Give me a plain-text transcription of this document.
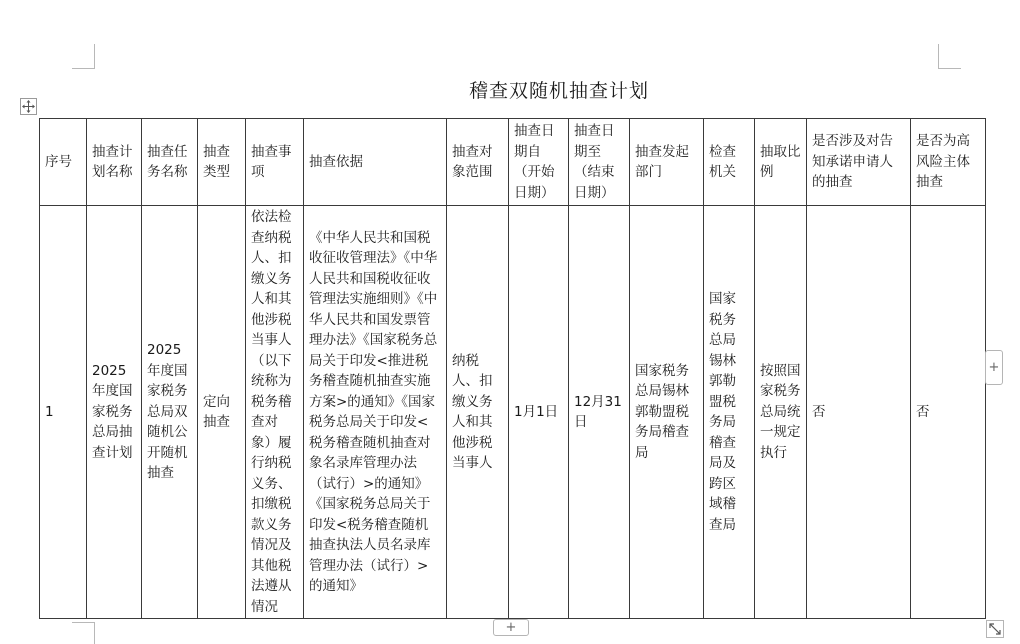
稽查双随机抽查计划
序号	抽查计划名称	抽查任务名称	抽查类型	抽查事项	抽查依据	抽查对象范围	抽查日期自（开始日期）	抽查日期至（结束日期）	抽查发起部门	检查机关	抽取比例	是否涉及对告知承诺申请人的抽查	是否为高风险主体抽查
1	2025年度国家税务总局抽查计划	2025年度国家税务总局双随机公开随机抽查	定向抽查	依法检查纳税人、扣缴义务人和其他涉税当事人（以下统称为税务稽查对象）履行纳税义务、扣缴税款义务情况及其他税法遵从情况	《中华人民共和国税收征收管理法》《中华人民共和国税收征收管理法实施细则》《中华人民共和国发票管理办法》《国家税务总局关于印发<推进税务稽查随机抽查实施方案>的通知》《国家税务总局关于印发<税务稽查随机抽查对象名录库管理办法（试行）>的通知》《国家税务总局关于印发<税务稽查随机抽查执法人员名录库管理办法（试行）>的通知》	纳税人、扣缴义务人和其他涉税当事人	1月1日	12月31日	国家税务总局锡林郭勒盟税务局稽查局	国家税务总局锡林郭勒盟税务局稽查局及跨区域稽查局	按照国家税务总局统一规定执行	否	否
+
+
